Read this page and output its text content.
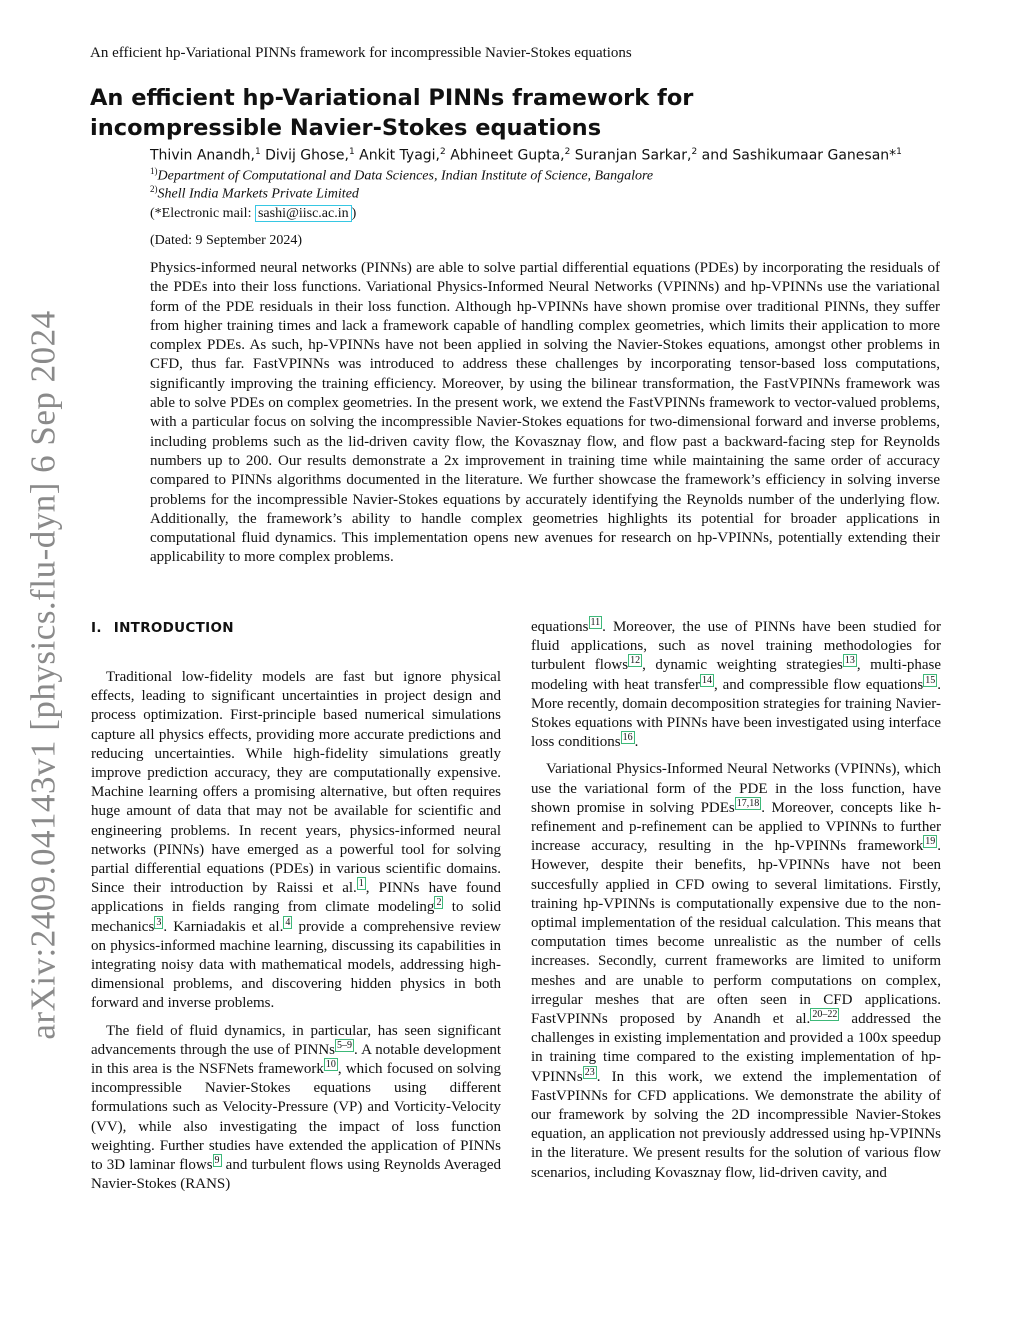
An efficient hp-Variational PINNs framework for incompressible Navier-Stokes equations
arXiv:2409.04143v1 [physics.flu-dyn] 6 Sep 2024
An efficient hp-Variational PINNs framework for incompressible Navier-Stokes equations
Thivin Anandh,$^1$ Divij Ghose,$^1$ Ankit Tyagi,$^2$ Abhineet Gupta,$^2$ Suranjan Sarkar,$^2$ and Sashikumaar Ganesan*$^1$
$^{1)}$Department of Computational and Data Sciences, Indian Institute of Science, Bangalore
$^{2)}$Shell India Markets Private Limited
(*Electronic mail: sashi@iisc.ac.in )
(Dated: 9 September 2024)

Physics-informed neural networks (PINNs) are able to solve partial differential equations (PDEs) by incorporating the residuals of the PDEs into their loss functions. Variational Physics-Informed Neural Networks (VPINNs) and hp-VPINNs use the variational form of the PDE residuals in their loss function. Although hp-VPINNs have shown promise over traditional PINNs, they suffer from higher training times and lack a framework capable of handling complex geometries, which limits their application to more complex PDEs. As such, hp-VPINNs have not been applied in solving the Navier-Stokes equations, amongst other problems in CFD, thus far. FastVPINNs was introduced to address these challenges by incorporating tensor-based loss computations, significantly improving the training efficiency. Moreover, by using the bilinear transformation, the FastVPINNs framework was able to solve PDEs on complex geometries. In the present work, we extend the FastVPINNs framework to vector-valued problems, with a particular focus on solving the incompressible Navier-Stokes equations for two-dimensional forward and inverse problems, including problems such as the lid-driven cavity flow, the Kovasznay flow, and flow past a backward-facing step for Reynolds numbers up to 200. Our results demonstrate a 2x improvement in training time while maintaining the same order of accuracy compared to PINNs algorithms documented in the literature. We further showcase the framework’s efficiency in solving inverse problems for the incompressible Navier-Stokes equations by accurately identifying the Reynolds number of the underlying flow. Additionally, the framework’s ability to handle complex geometries highlights its potential for broader applications in computational fluid dynamics. This implementation opens new avenues for research on hp-VPINNs, potentially extending their applicability to more complex problems.

I. INTRODUCTION

Traditional low-fidelity models are fast but ignore physical effects, leading to significant uncertainties in project design and process optimization. First-principle based numerical simulations capture all physics effects, providing more accurate predictions and reducing uncertainties. While high-fidelity simulations greatly improve prediction accuracy, they are computationally expensive. Machine learning offers a promising alternative, but often requires huge amount of data that may not be available for scientific and engineering problems. In recent years, physics-informed neural networks (PINNs) have emerged as a powerful tool for solving partial differential equations (PDEs) in various scientific domains. Since their introduction by Raissi et al. $^1$ , PINNs have found applications in fields ranging from climate modeling $^2$ to solid mechanics $^3$ . Karniadakis et al. $^4$ provide a comprehensive review on physics-informed machine learning, discussing its capabilities in integrating noisy data with mathematical models, addressing high-dimensional problems, and discovering hidden physics in both forward and inverse problems.

The field of fluid dynamics, in particular, has seen significant advancements through the use of PINNs $^{5-9}$ . A notable development in this area is the NSFNets framework $^{10}$ , which focused on solving incompressible Navier-Stokes equations using different formulations such as Velocity-Pressure (VP) and Vorticity-Velocity (VV), while also investigating the impact of loss function weighting. Further studies have extended the application of PINNs to 3D laminar flows $^9$ and turbulent flows using Reynolds Averaged Navier-Stokes (RANS)

equations $^{11}$ . Moreover, the use of PINNs have been studied for fluid applications, such as novel training methodologies for turbulent flows $^{12}$ , dynamic weighting strategies $^{13}$ , multi-phase modeling with heat transfer $^{14}$ , and compressible flow equations $^{15}$ . More recently, domain decomposition strategies for training Navier-Stokes equations with PINNs have been investigated using interface loss conditions $^{16}$ .

Variational Physics-Informed Neural Networks (VPINNs), which use the variational form of the PDE in the loss function, have shown promise in solving PDEs $^{17,18}$ . Moreover, concepts like h-refinement and p-refinement can be applied to VPINNs to further increase accuracy, resulting in the hp-VPINNs framework $^{19}$ . However, despite their benefits, hp-VPINNs have not been succesfully applied in CFD owing to several limitations. Firstly, training hp-VPINNs is computationally expensive due to the non-optimal implementation of the residual calculation. This means that computation times become unrealistic as the number of cells increases. Secondly, current frameworks are limited to uniform meshes and are unable to perform computations on complex, irregular meshes that are often seen in CFD applications. FastVPINNs proposed by Anandh et al. $^{20-22}$ addressed the challenges in existing implementation and provided a 100x speedup in training time compared to the existing implementation of hp-VPINNs $^{23}$ . In this work, we extend the implementation of FastVPINNs for CFD applications. We demonstrate the ability of our framework by solving the 2D incompressible Navier-Stokes equation, an application not previously addressed using hp-VPINNs in the literature. We present results for the solution of various flow scenarios, including Kovasznay flow, lid-driven cavity, and
